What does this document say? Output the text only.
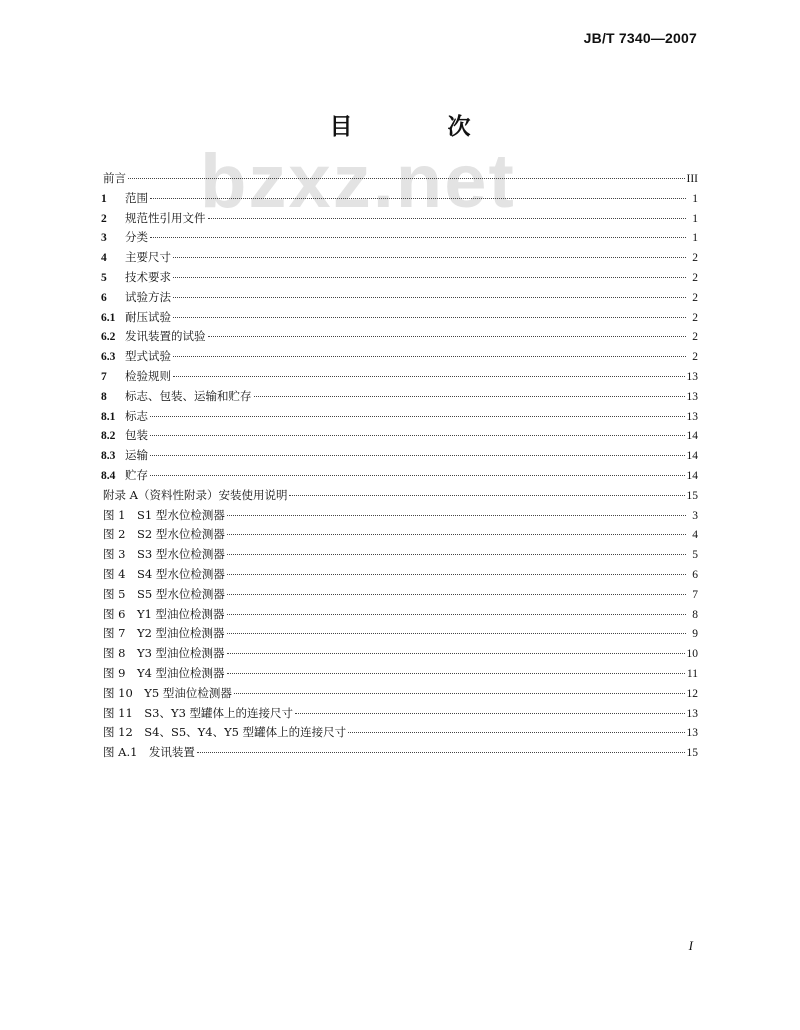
JB/T 7340—2007
bzxz.net
目　次
前言	III
1	范围	1
2	规范性引用文件	1
3	分类	1
4	主要尺寸	2
5	技术要求	2
6	试验方法	2
6.1 耐压试验	2
6.2 发讯装置的试验	2
6.3 型式试验	2
7	检验规则	13
8	标志、包装、运输和贮存	13
8.1 标志	13
8.2 包装	14
8.3 运输	14
8.4 贮存	14
附录 A（资料性附录）安装使用说明	15
图 1　S1 型水位检测器	3
图 2　S2 型水位检测器	4
图 3　S3 型水位检测器	5
图 4　S4 型水位检测器	6
图 5　S5 型水位检测器	7
图 6　Y1 型油位检测器	8
图 7　Y2 型油位检测器	9
图 8　Y3 型油位检测器	10
图 9　Y4 型油位检测器	11
图 10　Y5 型油位检测器	12
图 11　S3、Y3 型罐体上的连接尺寸	13
图 12　S4、S5、Y4、Y5 型罐体上的连接尺寸	13
图 A.1　发讯装置	15
I
